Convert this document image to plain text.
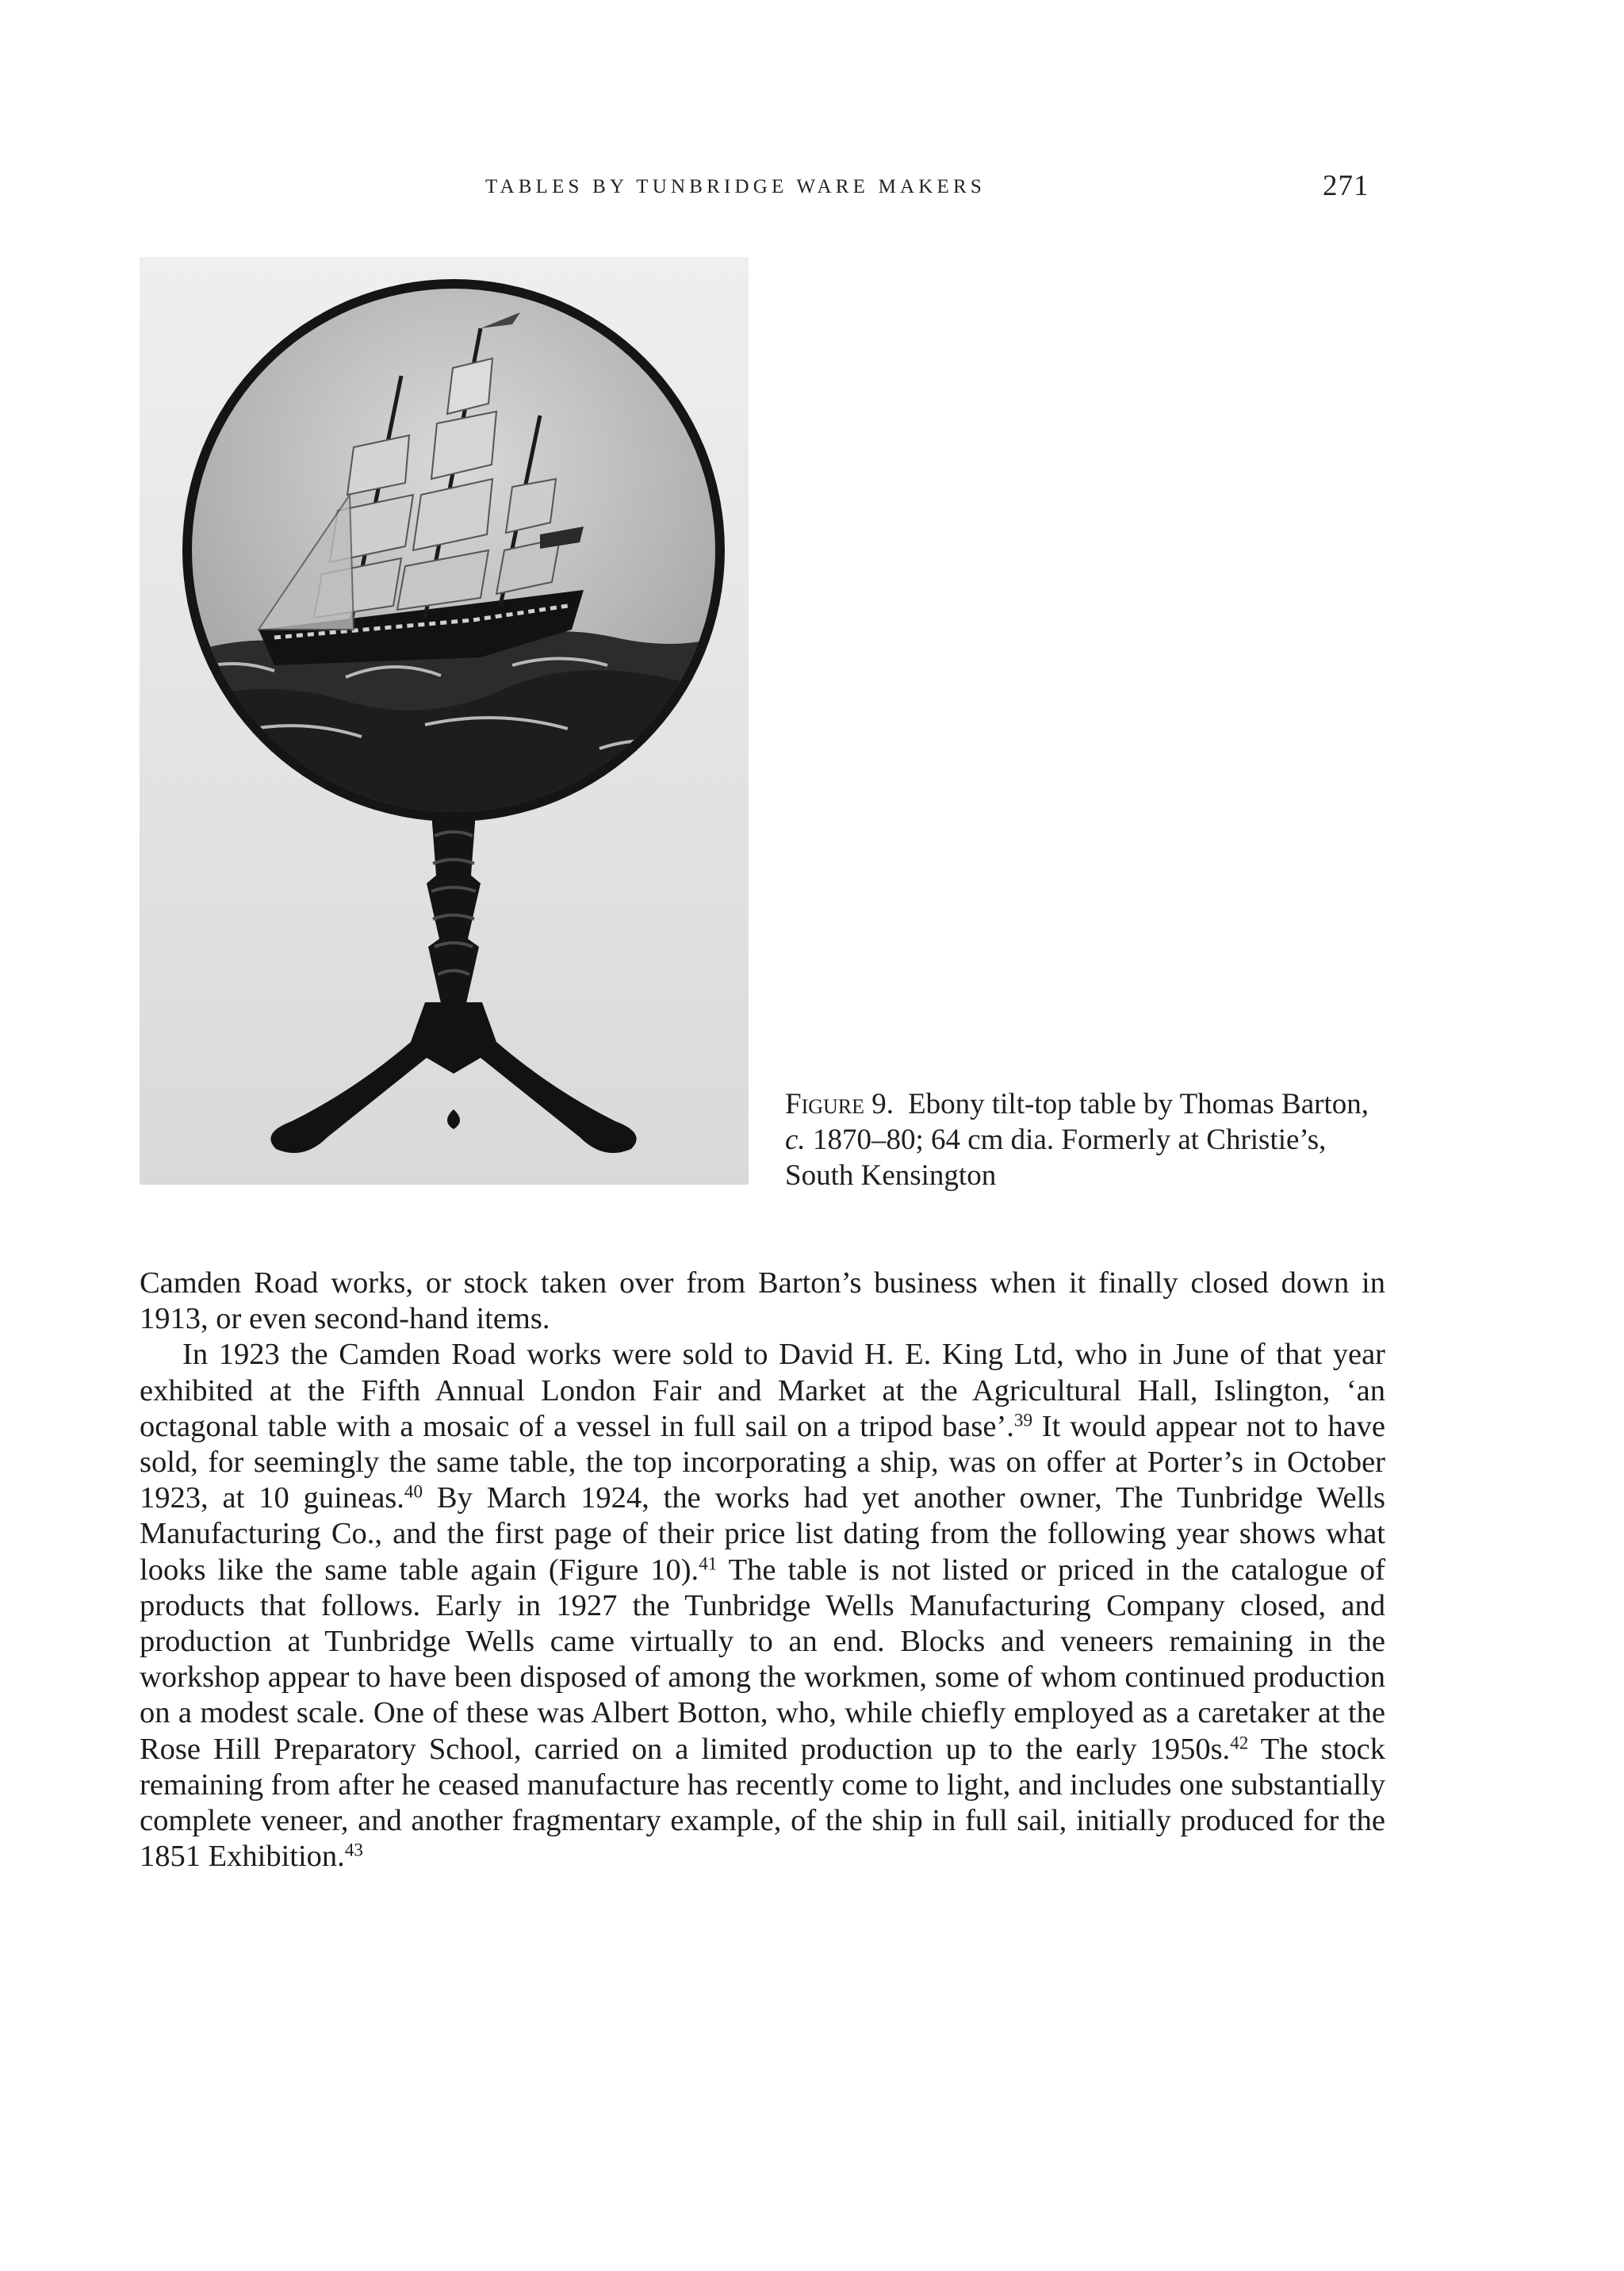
TABLES BY TUNBRIDGE WARE MAKERS	271
Figure 9. Ebony tilt-top table by Thomas Barton, c. 1870–80; 64 cm dia. Formerly at Christie’s, South Kensington

Camden Road works, or stock taken over from Barton’s business when it finally closed down in 1913, or even second-hand items.

In 1923 the Camden Road works were sold to David H. E. King Ltd, who in June of that year exhibited at the Fifth Annual London Fair and Market at the Agricultural Hall, Islington, ‘an octagonal table with a mosaic of a vessel in full sail on a tripod base’.$^{39}$ It would appear not to have sold, for seemingly the same table, the top incorporating a ship, was on offer at Porter’s in October 1923, at 10 guineas.$^{40}$ By March 1924, the works had yet another owner, The Tunbridge Wells Manufacturing Co., and the first page of their price list dating from the following year shows what looks like the same table again (Figure 10).$^{41}$ The table is not listed or priced in the catalogue of products that follows. Early in 1927 the Tunbridge Wells Manufacturing Company closed, and production at Tunbridge Wells came virtually to an end. Blocks and veneers remaining in the workshop appear to have been disposed of among the workmen, some of whom continued production on a modest scale. One of these was Albert Botton, who, while chiefly employed as a caretaker at the Rose Hill Preparatory School, carried on a limited production up to the early 1950s.$^{42}$ The stock remaining from after he ceased manufacture has recently come to light, and includes one substantially complete veneer, and another fragmentary example, of the ship in full sail, initially produced for the 1851 Exhibition.$^{43}$
